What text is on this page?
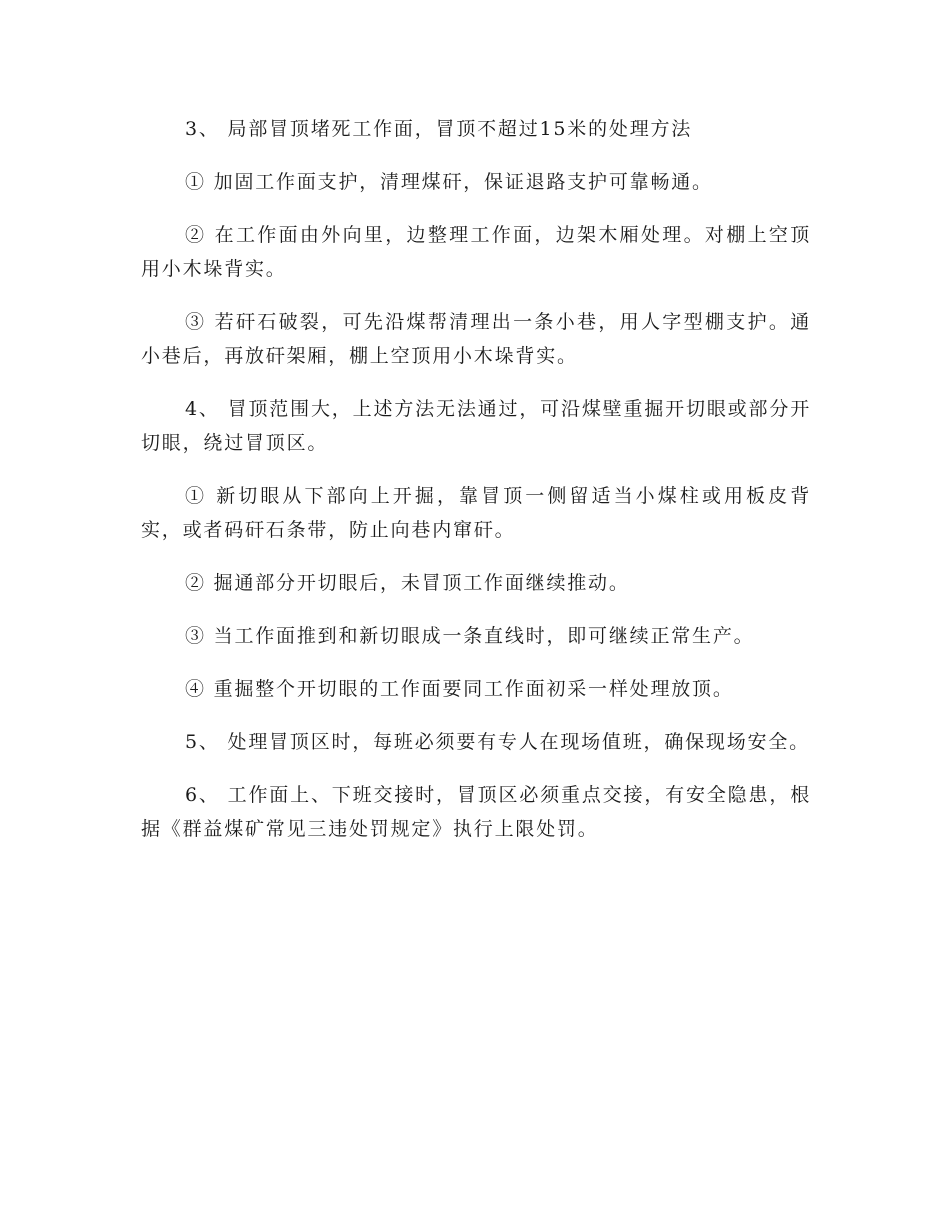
3、 局部冒顶堵死工作面，冒顶不超过15米的处理方法

① 加固工作面支护，清理煤矸，保证退路支护可靠畅通。

② 在工作面由外向里，边整理工作面，边架木厢处理。对棚上空顶用小木垛背实。

③ 若矸石破裂，可先沿煤帮清理出一条小巷，用人字型棚支护。通小巷后，再放矸架厢，棚上空顶用小木垛背实。

4、 冒顶范围大，上述方法无法通过，可沿煤壁重掘开切眼或部分开切眼，绕过冒顶区。

① 新切眼从下部向上开掘，靠冒顶一侧留适当小煤柱或用板皮背实，或者码矸石条带，防止向巷内窜矸。

② 掘通部分开切眼后，未冒顶工作面继续推动。

③ 当工作面推到和新切眼成一条直线时，即可继续正常生产。

④ 重掘整个开切眼的工作面要同工作面初采一样处理放顶。

5、 处理冒顶区时，每班必须要有专人在现场值班，确保现场安全。

6、 工作面上、下班交接时，冒顶区必须重点交接，有安全隐患，根据《群益煤矿常见三违处罚规定》执行上限处罚。
